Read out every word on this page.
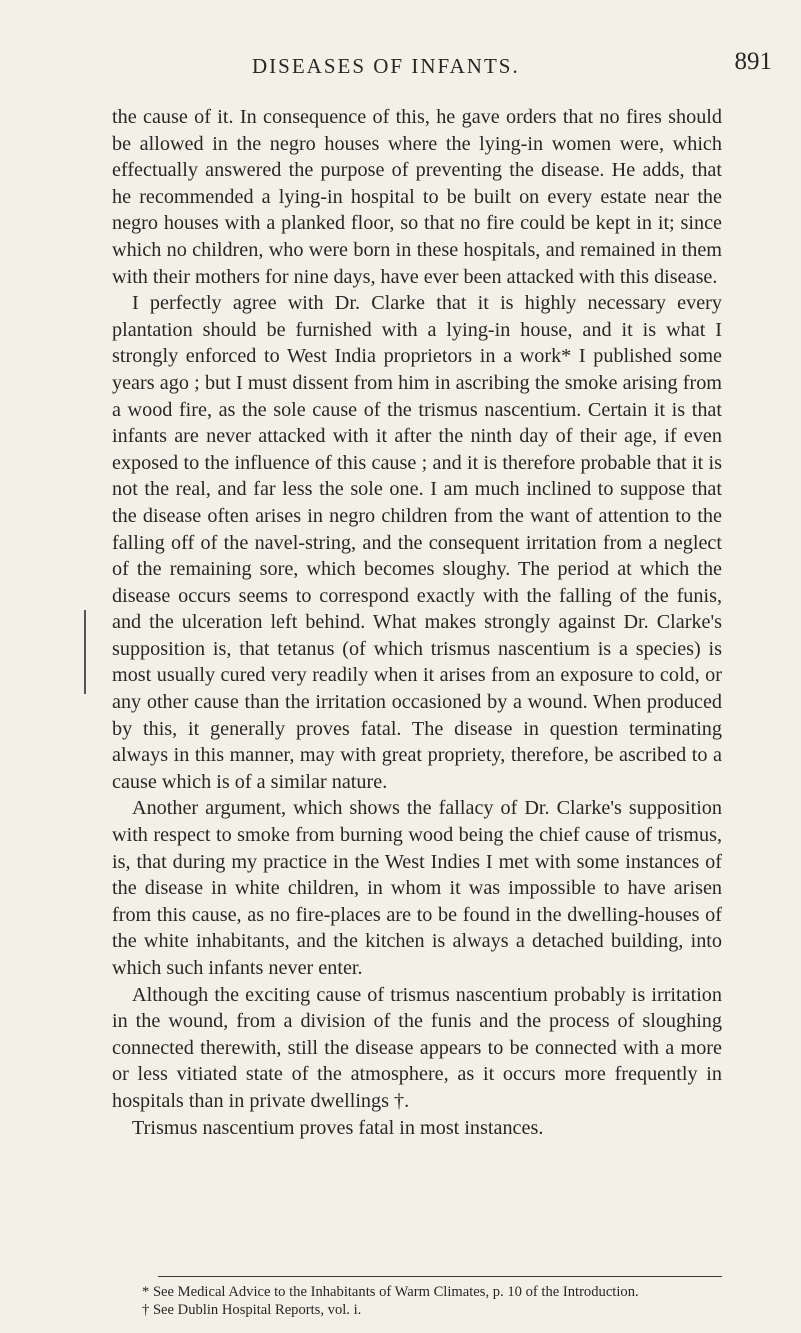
DISEASES OF INFANTS.	891

the cause of it. In consequence of this, he gave orders that no fires should be allowed in the negro houses where the lying-in women were, which effectually answered the purpose of preventing the disease. He adds, that he recommended a lying-in hospital to be built on every estate near the negro houses with a planked floor, so that no fire could be kept in it; since which no children, who were born in these hospitals, and remained in them with their mothers for nine days, have ever been attacked with this disease.

I perfectly agree with Dr. Clarke that it is highly necessary every plantation should be furnished with a lying-in house, and it is what I strongly enforced to West India proprietors in a work* I published some years ago ; but I must dissent from him in ascribing the smoke arising from a wood fire, as the sole cause of the trismus nascentium. Certain it is that infants are never attacked with it after the ninth day of their age, if even exposed to the influence of this cause ; and it is therefore probable that it is not the real, and far less the sole one. I am much inclined to suppose that the disease often arises in negro children from the want of attention to the falling off of the navel-string, and the consequent irritation from a neglect of the remaining sore, which becomes sloughy. The period at which the disease occurs seems to correspond exactly with the falling of the funis, and the ulceration left behind. What makes strongly against Dr. Clarke's supposition is, that tetanus (of which trismus nascentium is a species) is most usually cured very readily when it arises from an exposure to cold, or any other cause than the irritation occasioned by a wound. When produced by this, it generally proves fatal. The disease in question terminating always in this manner, may with great propriety, therefore, be ascribed to a cause which is of a similar nature.

Another argument, which shows the fallacy of Dr. Clarke's supposition with respect to smoke from burning wood being the chief cause of trismus, is, that during my practice in the West Indies I met with some instances of the disease in white children, in whom it was impossible to have arisen from this cause, as no fire-places are to be found in the dwelling-houses of the white inhabitants, and the kitchen is always a detached building, into which such infants never enter.

Although the exciting cause of trismus nascentium probably is irritation in the wound, from a division of the funis and the process of sloughing connected therewith, still the disease appears to be connected with a more or less vitiated state of the atmosphere, as it occurs more frequently in hospitals than in private dwellings †.

Trismus nascentium proves fatal in most instances.

* See Medical Advice to the Inhabitants of Warm Climates, p. 10 of the Introduction.

† See Dublin Hospital Reports, vol. i.
